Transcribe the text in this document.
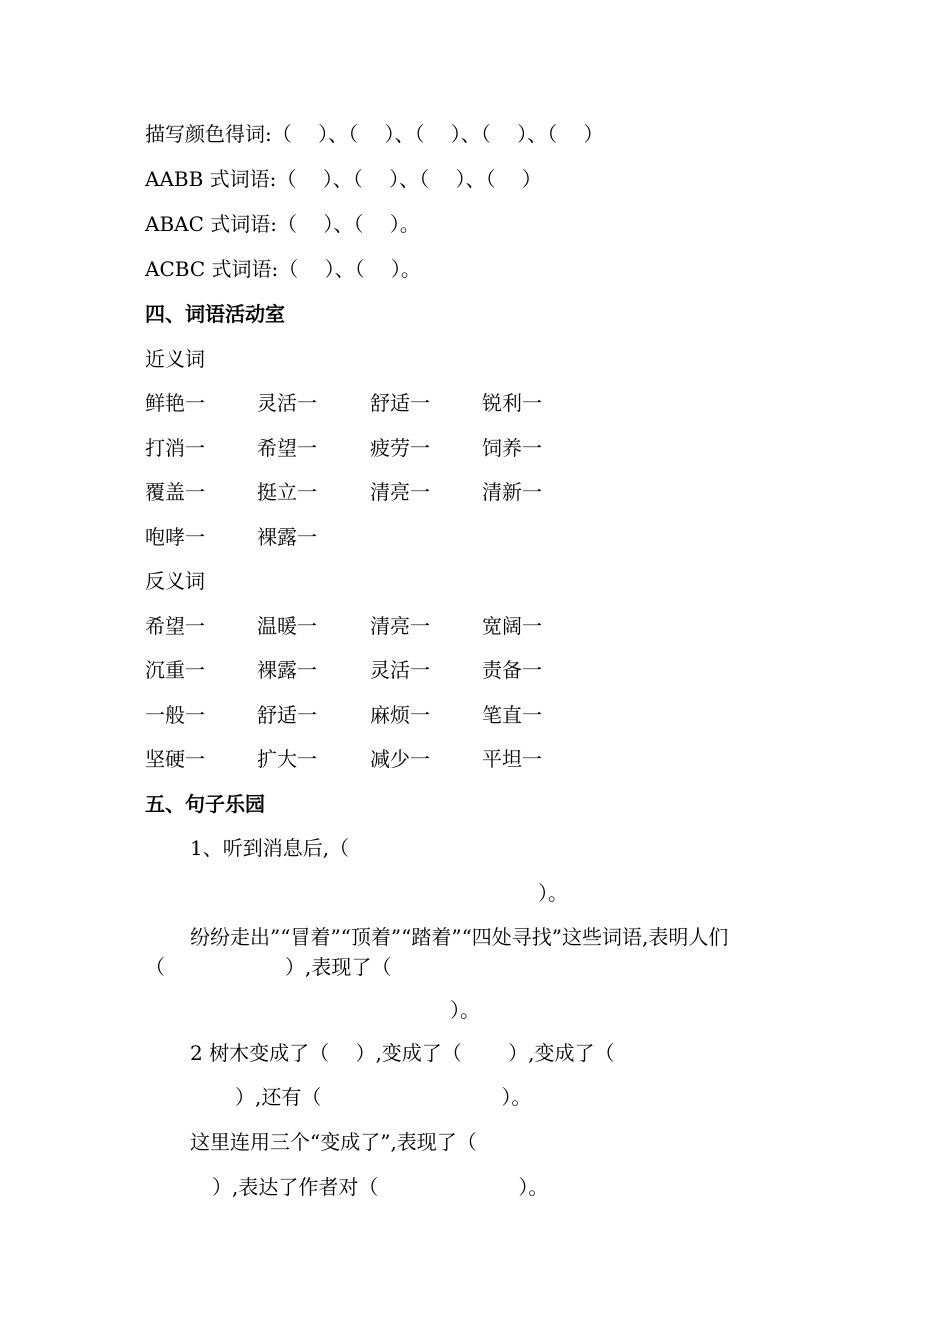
描写颜色得词:（　 ）、（　 ）、（　 ）、（　 ）、（　 ）
AABB 式词语:（　 ）、（　 ）、（　 ）、（　 ）
ABAC 式词语:（　 ）、（　 ）。
ACBC 式词语:（　 ）、（　 ）。
四、词语活动室
近义词
鲜艳一	灵活一	舒适一	锐利一
打消一	希望一	疲劳一	饲养一
覆盖一	挺立一	清亮一	清新一
咆哮一	裸露一
反义词
希望一	温暖一	清亮一	宽阔一
沉重一	裸露一	灵活一	责备一
一般一	舒适一	麻烦一	笔直一
坚硬一	扩大一	减少一	平坦一
五、句子乐园
1、听到消息后,（
）。
纷纷走出”“冒着”“顶着”“踏着”“四处寻找”这些词语,表明人们（　　　　　　）,表现了（
）。
2 树木变成了（　 ）,变成了（　　 ）,变成了（
）,还有（　　　　　　　　　）。
这里连用三个“变成了”,表现了（
）,表达了作者对（　　　　　　　）。
